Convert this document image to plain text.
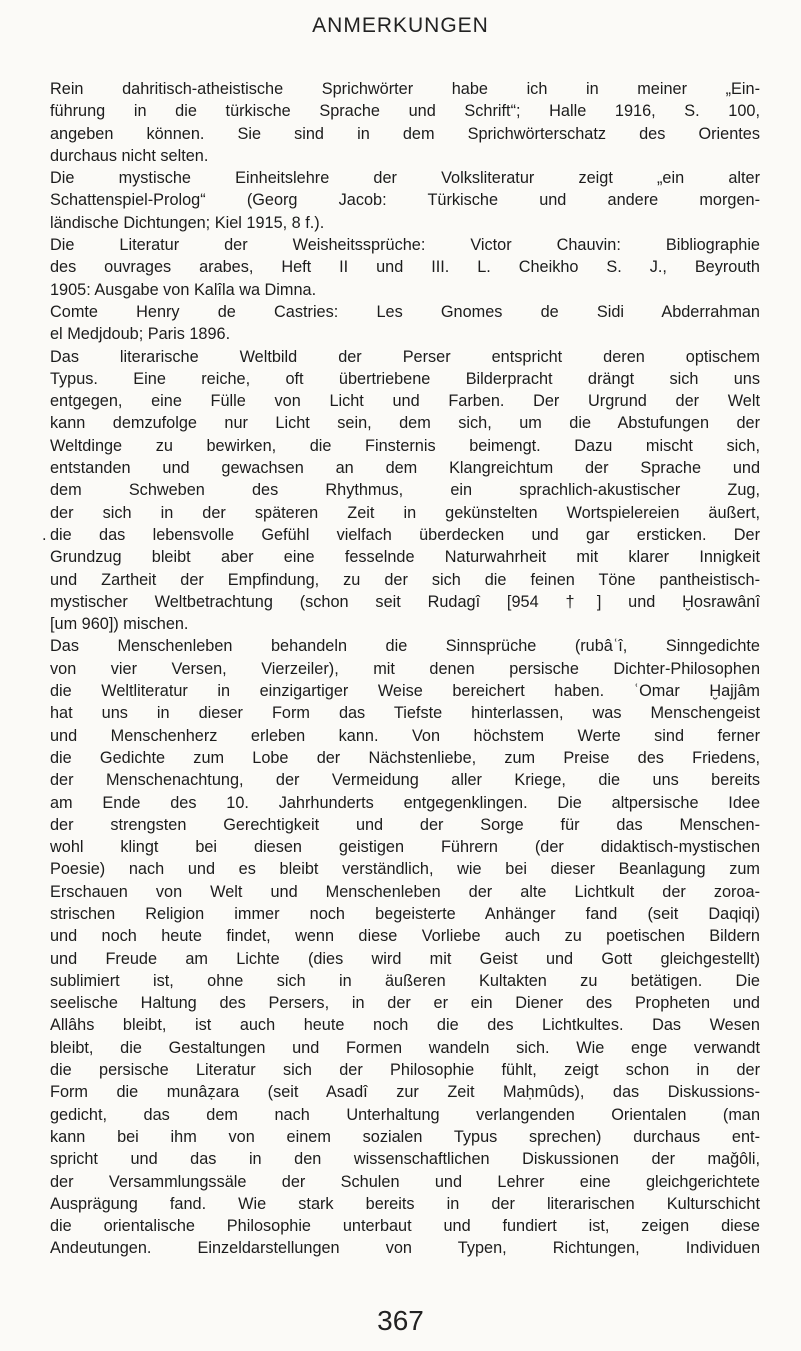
ANMERKUNGEN
Rein dahritisch-atheistische Sprichwörter habe ich in meiner „Ein-
führung in die türkische Sprache und Schrift“; Halle 1916, S. 100,
angeben können. Sie sind in dem Sprichwörterschatz des Orientes
durchaus nicht selten.
Die mystische Einheitslehre der Volksliteratur zeigt „ein alter
Schattenspiel-Prolog“ (Georg Jacob: Türkische und andere morgen-
ländische Dichtungen; Kiel 1915, 8 f.).
Die Literatur der Weisheitssprüche: Victor Chauvin: Bibliographie
des ouvrages arabes, Heft II und III. L. Cheikho S. J., Beyrouth
1905: Ausgabe von Kalîla wa Dimna.
Comte Henry de Castries: Les Gnomes de Sidi Abderrahman
el Medjdoub; Paris 1896.
Das literarische Weltbild der Perser entspricht deren optischem
Typus. Eine reiche, oft übertriebene Bilderpracht drängt sich uns
entgegen, eine Fülle von Licht und Farben. Der Urgrund der Welt
kann demzufolge nur Licht sein, dem sich, um die Abstufungen der
Weltdinge zu bewirken, die Finsternis beimengt. Dazu mischt sich,
entstanden und gewachsen an dem Klangreichtum der Sprache und
dem Schweben des Rhythmus, ein sprachlich-akustischer Zug,
der sich in der späteren Zeit in gekünstelten Wortspielereien äußert,
. die das lebensvolle Gefühl vielfach überdecken und gar ersticken. Der
Grundzug bleibt aber eine fesselnde Naturwahrheit mit klarer Innigkeit
und Zartheit der Empfindung, zu der sich die feinen Töne pantheistisch-
mystischer Weltbetrachtung (schon seit Rudagî [954 †] und Ḫosrawânî
[um 960]) mischen.
Das Menschenleben behandeln die Sinnsprüche (rubâʿî, Sinngedichte
von vier Versen, Vierzeiler), mit denen persische Dichter-Philosophen
die Weltliteratur in einzigartiger Weise bereichert haben. ʿOmar Ḫajjâm
hat uns in dieser Form das Tiefste hinterlassen, was Menschengeist
und Menschenherz erleben kann. Von höchstem Werte sind ferner
die Gedichte zum Lobe der Nächstenliebe, zum Preise des Friedens,
der Menschenachtung, der Vermeidung aller Kriege, die uns bereits
am Ende des 10. Jahrhunderts entgegenklingen. Die altpersische Idee
der strengsten Gerechtigkeit und der Sorge für das Menschen-
wohl klingt bei diesen geistigen Führern (der didaktisch-mystischen
Poesie) nach und es bleibt verständlich, wie bei dieser Beanlagung zum
Erschauen von Welt und Menschenleben der alte Lichtkult der zoroa-
strischen Religion immer noch begeisterte Anhänger fand (seit Daqiqi)
und noch heute findet, wenn diese Vorliebe auch zu poetischen Bildern
und Freude am Lichte (dies wird mit Geist und Gott gleichgestellt)
sublimiert ist, ohne sich in äußeren Kultakten zu betätigen. Die
seelische Haltung des Persers, in der er ein Diener des Propheten und
Allâhs bleibt, ist auch heute noch die des Lichtkultes. Das Wesen
bleibt, die Gestaltungen und Formen wandeln sich. Wie enge verwandt
die persische Literatur sich der Philosophie fühlt, zeigt schon in der
Form die munâẓara (seit Asadî zur Zeit Maḥmûds), das Diskussions-
gedicht, das dem nach Unterhaltung verlangenden Orientalen (man
kann bei ihm von einem sozialen Typus sprechen) durchaus ent-
spricht und das in den wissenschaftlichen Diskussionen der maǧôli,
der Versammlungssäle der Schulen und Lehrer eine gleichgerichtete
Ausprägung fand. Wie stark bereits in der literarischen Kulturschicht
die orientalische Philosophie unterbaut und fundiert ist, zeigen diese
Andeutungen. Einzeldarstellungen von Typen, Richtungen, Individuen
367
